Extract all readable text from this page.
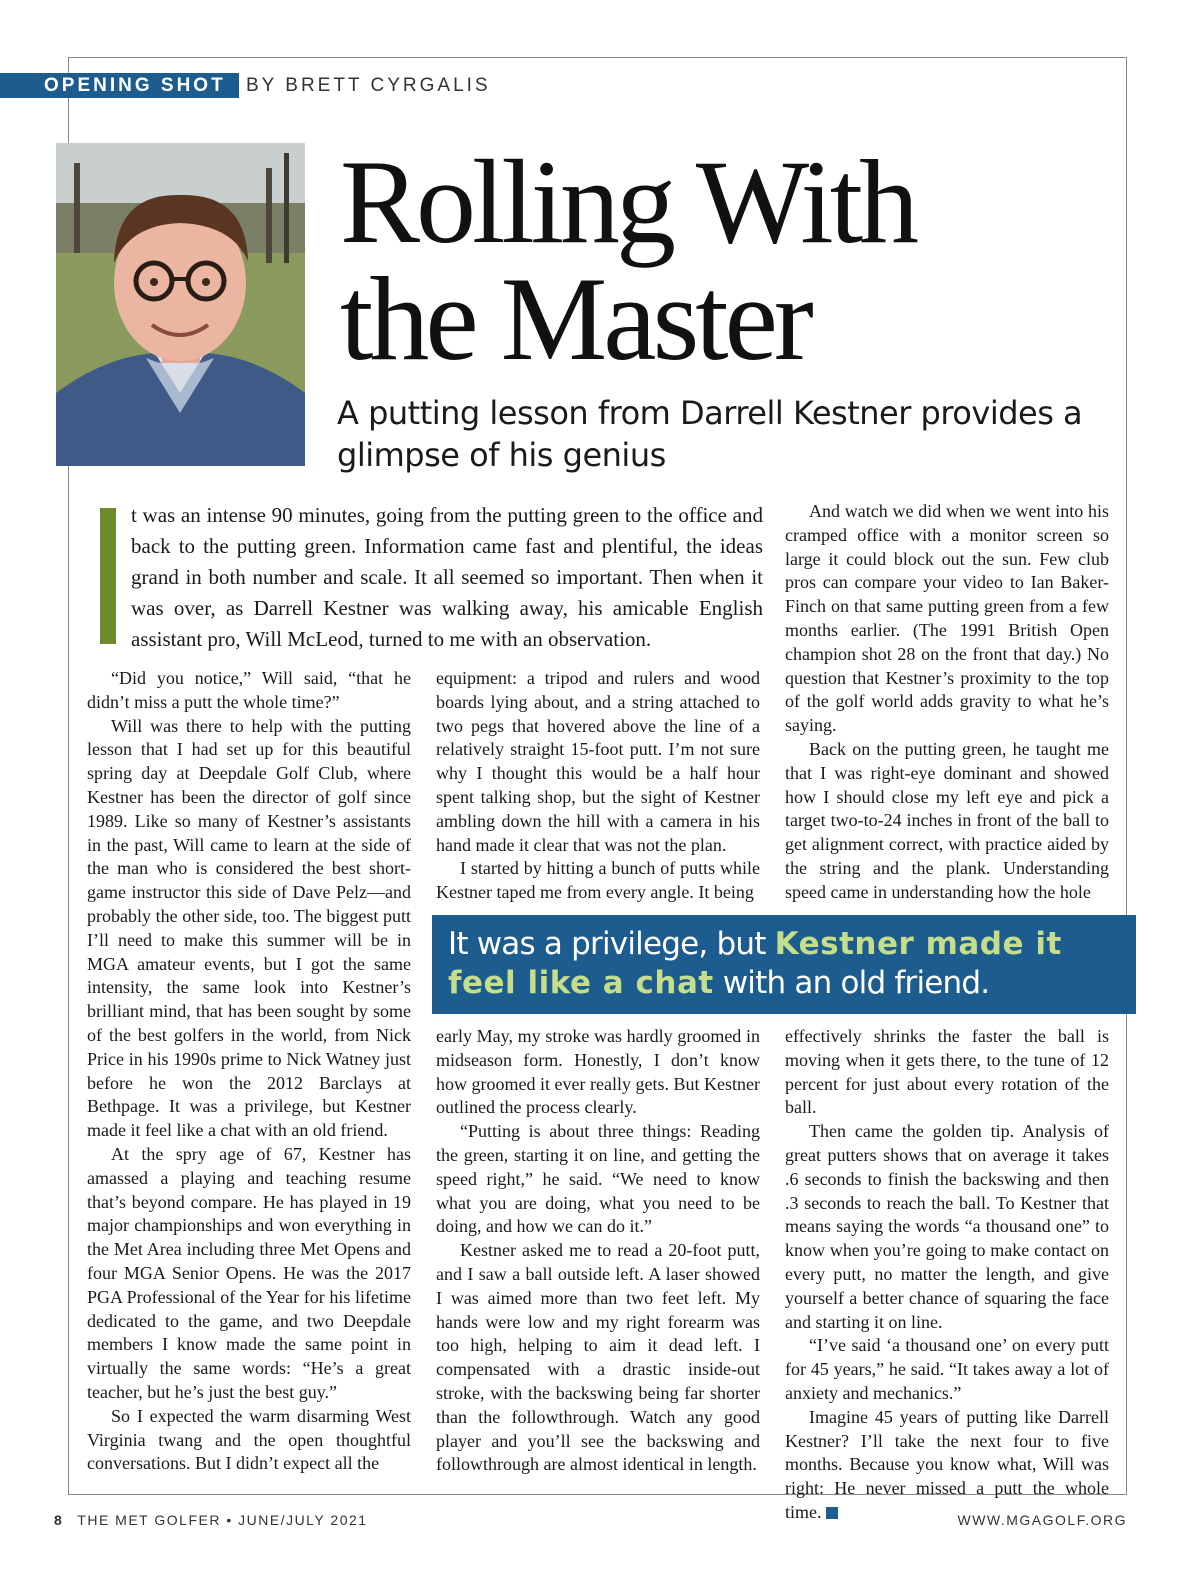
OPENING SHOT BY BRETT CYRGALIS
Rolling With
the Master
A putting lesson from Darrell Kestner provides a glimpse of his genius

t was an intense 90 minutes, going from the putting green to the office and back to the putting green. Information came fast and plentiful, the ideas grand in both number and scale. It all seemed so important. Then when it was over, as Darrell Kestner was walking away, his amicable English assistant pro, Will McLeod, turned to me with an observation.

“Did you notice,” Will said, “that he didn’t miss a putt the whole time?”

Will was there to help with the putting lesson that I had set up for this beautiful spring day at Deepdale Golf Club, where Kestner has been the director of golf since 1989. Like so many of Kestner’s assistants in the past, Will came to learn at the side of the man who is considered the best short-game instructor this side of Dave Pelz—and probably the other side, too. The biggest putt I’ll need to make this summer will be in MGA amateur events, but I got the same intensity, the same look into Kestner’s brilliant mind, that has been sought by some of the best golfers in the world, from Nick Price in his 1990s prime to Nick Watney just before he won the 2012 Barclays at Bethpage. It was a privilege, but Kestner made it feel like a chat with an old friend.

At the spry age of 67, Kestner has amassed a playing and teaching resume that’s beyond compare. He has played in 19 major championships and won everything in the Met Area including three Met Opens and four MGA Senior Opens. He was the 2017 PGA Professional of the Year for his lifetime dedicated to the game, and two Deepdale members I know made the same point in virtually the same words: “He’s a great teacher, but he’s just the best guy.”

So I expected the warm disarming West Virginia twang and the open thoughtful conversations. But I didn’t expect all the

equipment: a tripod and rulers and wood boards lying about, and a string attached to two pegs that hovered above the line of a relatively straight 15-foot putt. I’m not sure why I thought this would be a half hour spent talking shop, but the sight of Kestner ambling down the hill with a camera in his hand made it clear that was not the plan.

I started by hitting a bunch of putts while Kestner taped me from every angle. It being

And watch we did when we went into his cramped office with a monitor screen so large it could block out the sun. Few club pros can compare your video to Ian Baker-Finch on that same putting green from a few months earlier. (The 1991 British Open champion shot 28 on the front that day.) No question that Kestner’s proximity to the top of the golf world adds gravity to what he’s saying.

Back on the putting green, he taught me that I was right-eye dominant and showed how I should close my left eye and pick a target two-to-24 inches in front of the ball to get alignment correct, with practice aided by the string and the plank. Understanding speed came in understanding how the hole

It was a privilege, but Kestner made it feel like a chat with an old friend.

early May, my stroke was hardly groomed in midseason form. Honestly, I don’t know how groomed it ever really gets. But Kestner outlined the process clearly.

“Putting is about three things: Reading the green, starting it on line, and getting the speed right,” he said. “We need to know what you are doing, what you need to be doing, and how we can do it.”

Kestner asked me to read a 20-foot putt, and I saw a ball outside left. A laser showed I was aimed more than two feet left. My hands were low and my right forearm was too high, helping to aim it dead left. I compensated with a drastic inside-out stroke, with the backswing being far shorter than the followthrough. Watch any good player and you’ll see the backswing and followthrough are almost identical in length.

effectively shrinks the faster the ball is moving when it gets there, to the tune of 12 percent for just about every rotation of the ball.

Then came the golden tip. Analysis of great putters shows that on average it takes .6 seconds to finish the backswing and then .3 seconds to reach the ball. To Kestner that means saying the words “a thousand one” to know when you’re going to make contact on every putt, no matter the length, and give yourself a better chance of squaring the face and starting it on line.

“I’ve said ‘a thousand one’ on every putt for 45 years,” he said. “It takes away a lot of anxiety and mechanics.”

Imagine 45 years of putting like Darrell Kestner? I’ll take the next four to five months. Because you know what, Will was right: He never missed a putt the whole time.

8 THE MET GOLFER • JUNE/JULY 2021	WWW.MGAGOLF.ORG
